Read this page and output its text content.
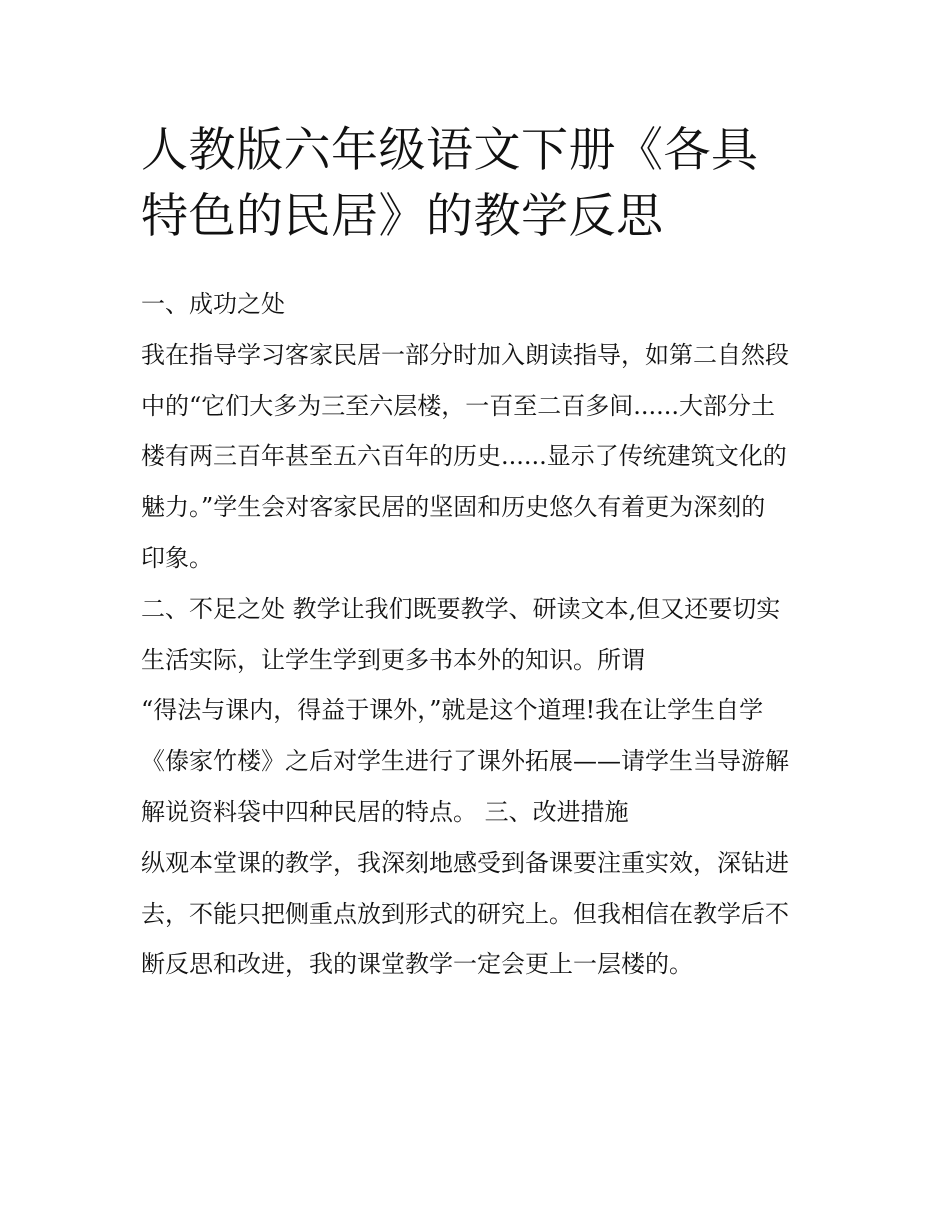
人教版六年级语文下册《各具
特色的民居》的教学反思
一、成功之处
我在指导学习客家民居一部分时加入朗读指导，如第二自然段
中的“它们大多为三至六层楼，一百至二百多间......大部分土
楼有两三百年甚至五六百年的历史......显示了传统建筑文化的
魅力。”学生会对客家民居的坚固和历史悠久有着更为深刻的
印象。
二、不足之处 教学让我们既要教学、研读文本,但又还要切实
生活实际，让学生学到更多书本外的知识。所谓
“得法与课内，得益于课外，”就是这个道理!我在让学生自学
《傣家竹楼》之后对学生进行了课外拓展——请学生当导游解
解说资料袋中四种民居的特点。 三、改进措施
纵观本堂课的教学，我深刻地感受到备课要注重实效，深钻进
去，不能只把侧重点放到形式的研究上。但我相信在教学后不
断反思和改进，我的课堂教学一定会更上一层楼的。
